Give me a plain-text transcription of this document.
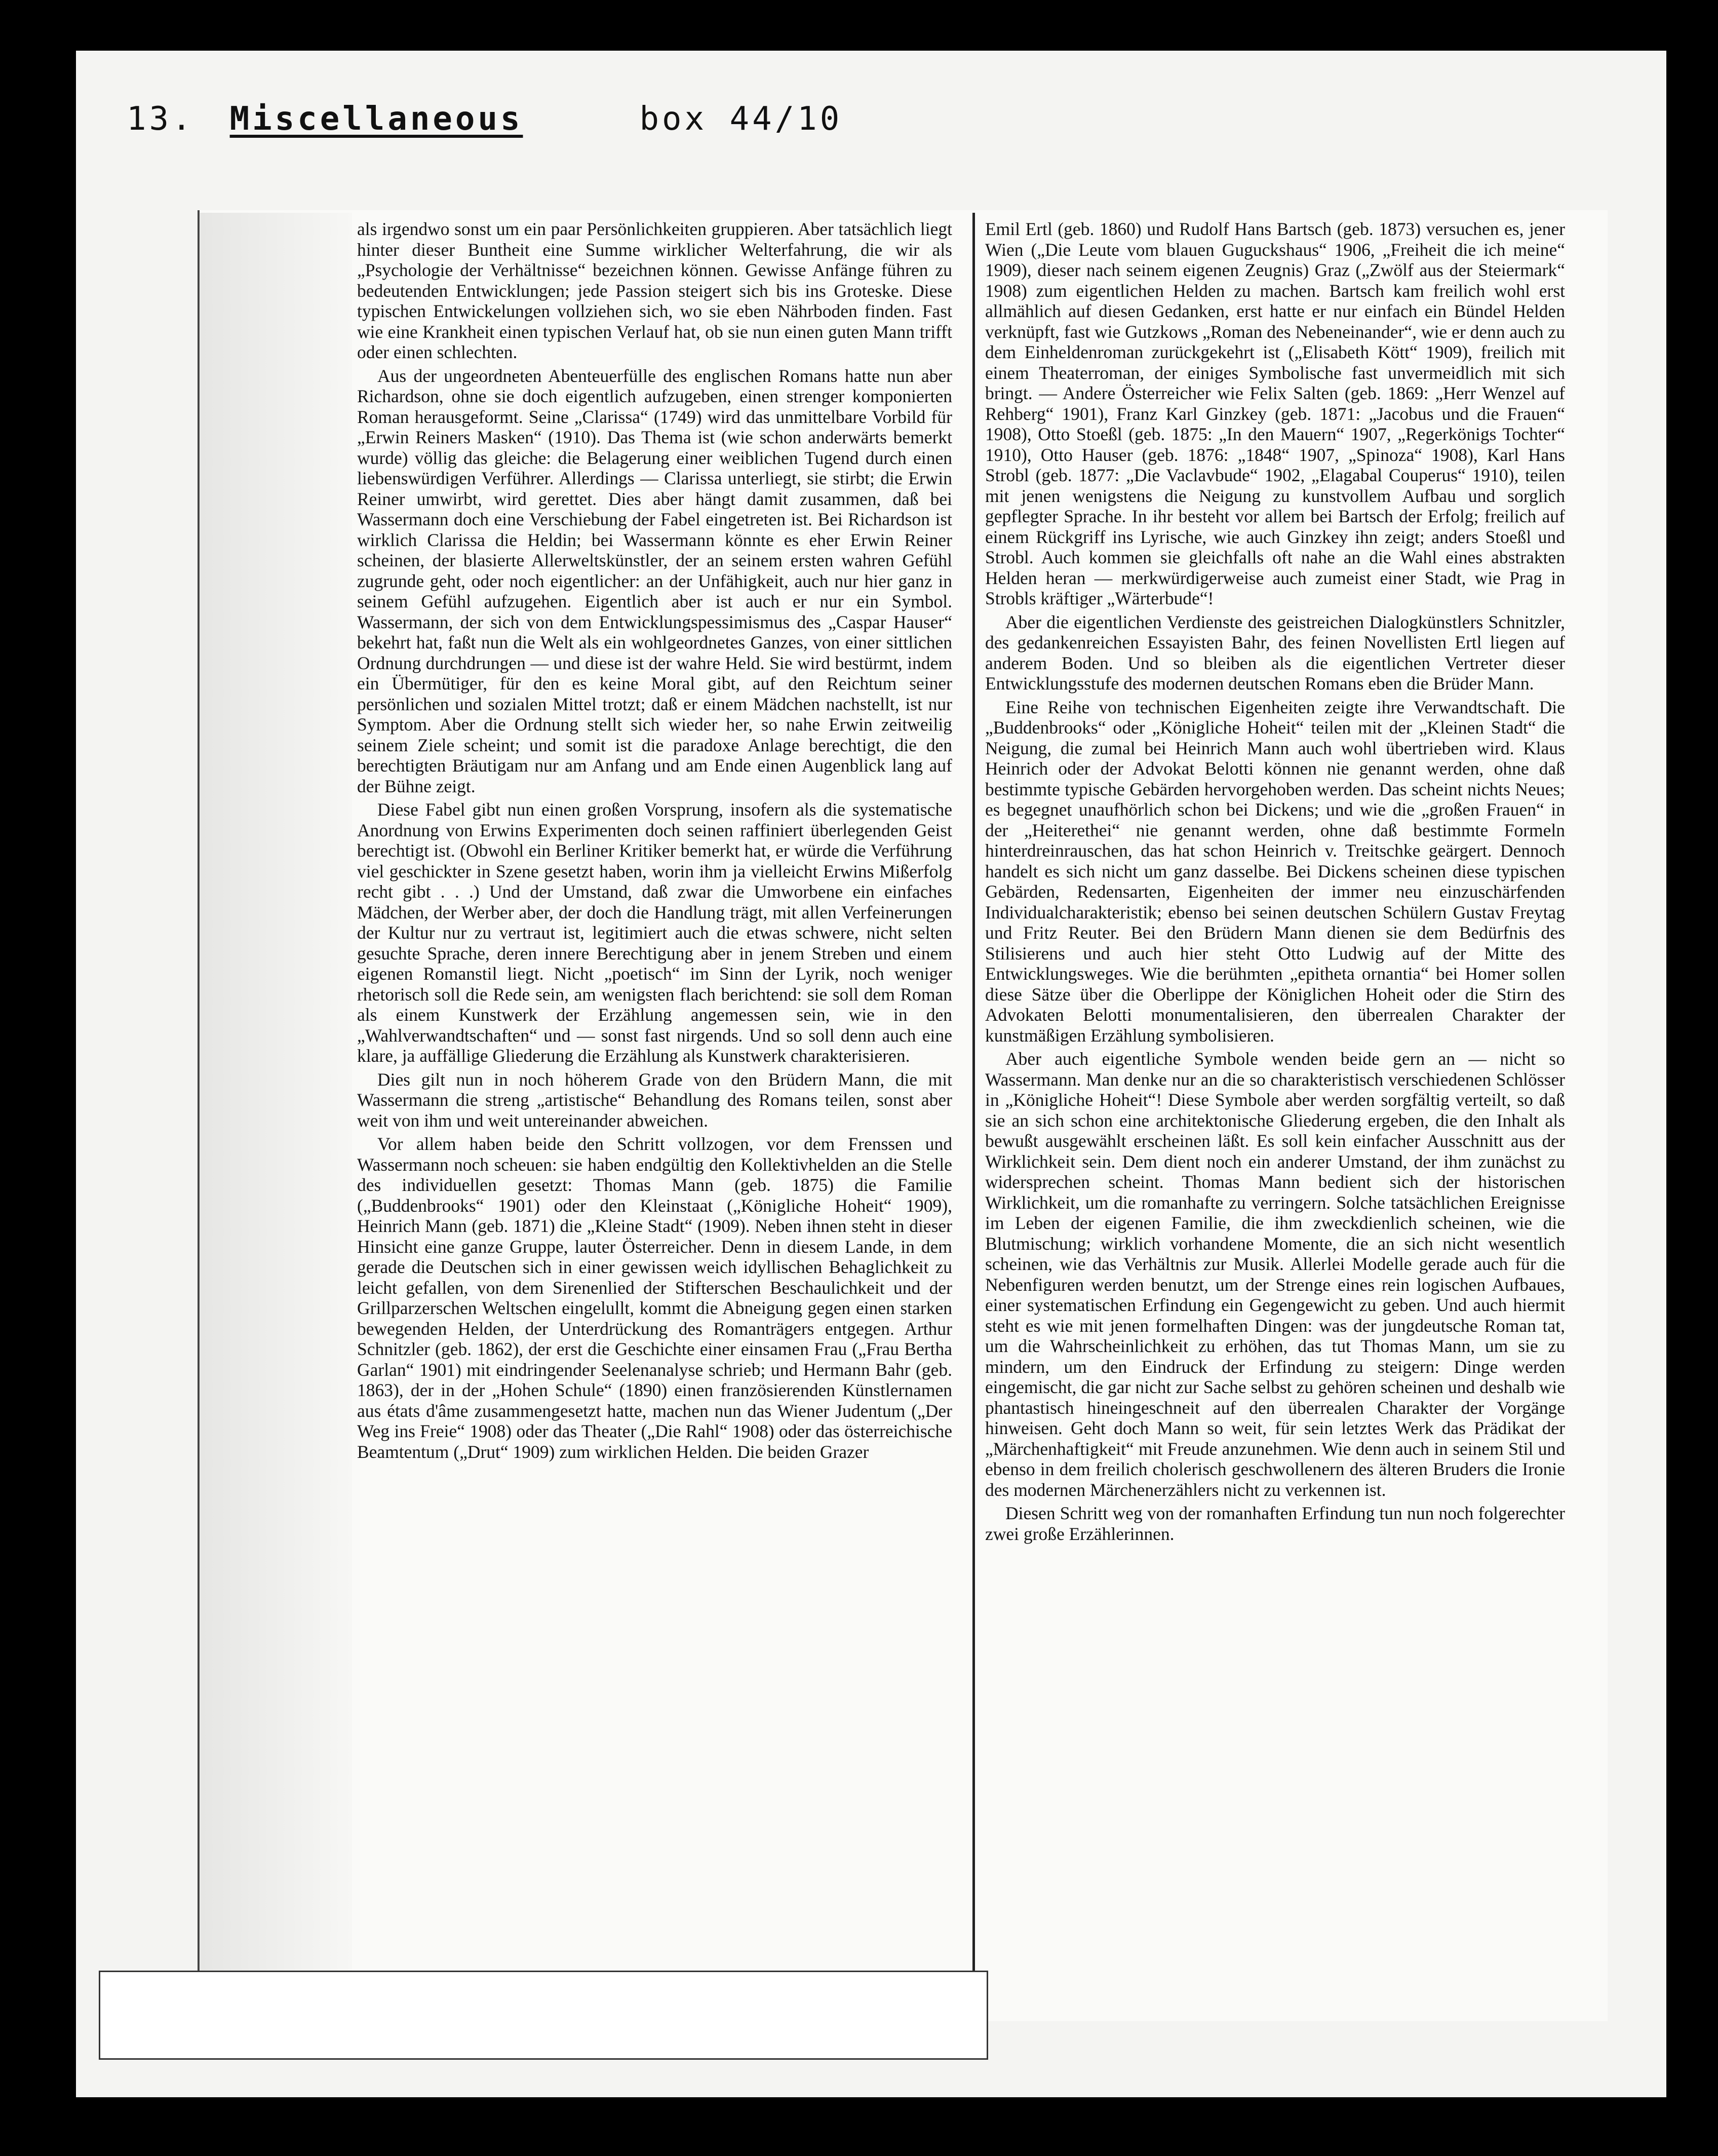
13. Miscellaneous	box 44/10

als irgendwo sonst um ein paar Persönlichkeiten gruppieren. Aber tatsächlich liegt hinter dieser Buntheit eine Summe wirklicher Welterfahrung, die wir als „Psychologie der Verhältnisse“ bezeichnen können. Gewisse Anfänge führen zu bedeutenden Entwicklungen; jede Passion steigert sich bis ins Groteske. Diese typischen Entwickelungen vollziehen sich, wo sie eben Nährboden finden. Fast wie eine Krankheit einen typischen Verlauf hat, ob sie nun einen guten Mann trifft oder einen schlechten.

Aus der ungeordneten Abenteuerfülle des englischen Romans hatte nun aber Richardson, ohne sie doch eigentlich aufzugeben, einen strenger komponierten Roman herausgeformt. Seine „Clarissa“ (1749) wird das unmittelbare Vorbild für „Erwin Reiners Masken“ (1910). Das Thema ist (wie schon anderwärts bemerkt wurde) völlig das gleiche: die Belagerung einer weiblichen Tugend durch einen liebenswürdigen Verführer. Allerdings — Clarissa unterliegt, sie stirbt; die Erwin Reiner umwirbt, wird gerettet. Dies aber hängt damit zusammen, daß bei Wassermann doch eine Verschiebung der Fabel eingetreten ist. Bei Richardson ist wirklich Clarissa die Heldin; bei Wassermann könnte es eher Erwin Reiner scheinen, der blasierte Allerweltskünstler, der an seinem ersten wahren Gefühl zugrunde geht, oder noch eigentlicher: an der Unfähigkeit, auch nur hier ganz in seinem Gefühl aufzugehen. Eigentlich aber ist auch er nur ein Symbol. Wassermann, der sich von dem Entwicklungspessimismus des „Caspar Hauser“ bekehrt hat, faßt nun die Welt als ein wohlgeordnetes Ganzes, von einer sittlichen Ordnung durchdrungen — und diese ist der wahre Held. Sie wird bestürmt, indem ein Übermütiger, für den es keine Moral gibt, auf den Reichtum seiner persönlichen und sozialen Mittel trotzt; daß er einem Mädchen nachstellt, ist nur Symptom. Aber die Ordnung stellt sich wieder her, so nahe Erwin zeitweilig seinem Ziele scheint; und somit ist die paradoxe Anlage berechtigt, die den berechtigten Bräutigam nur am Anfang und am Ende einen Augenblick lang auf der Bühne zeigt.

Diese Fabel gibt nun einen großen Vorsprung, insofern als die systematische Anordnung von Erwins Experimenten doch seinen raffiniert überlegenden Geist berechtigt ist. (Obwohl ein Berliner Kritiker bemerkt hat, er würde die Verführung viel geschickter in Szene gesetzt haben, worin ihm ja vielleicht Erwins Mißerfolg recht gibt . . .) Und der Umstand, daß zwar die Umworbene ein einfaches Mädchen, der Werber aber, der doch die Handlung trägt, mit allen Verfeinerungen der Kultur nur zu vertraut ist, legitimiert auch die etwas schwere, nicht selten gesuchte Sprache, deren innere Berechtigung aber in jenem Streben und einem eigenen Romanstil liegt. Nicht „poetisch“ im Sinn der Lyrik, noch weniger rhetorisch soll die Rede sein, am wenigsten flach berichtend: sie soll dem Roman als einem Kunstwerk der Erzählung angemessen sein, wie in den „Wahlverwandtschaften“ und — sonst fast nirgends. Und so soll denn auch eine klare, ja auffällige Gliederung die Erzählung als Kunstwerk charakterisieren.

Dies gilt nun in noch höherem Grade von den Brüdern Mann, die mit Wassermann die streng „artistische“ Behandlung des Romans teilen, sonst aber weit von ihm und weit untereinander abweichen.

Vor allem haben beide den Schritt vollzogen, vor dem Frenssen und Wassermann noch scheuen: sie haben endgültig den Kollektivhelden an die Stelle des individuellen gesetzt: Thomas Mann (geb. 1875) die Familie („Buddenbrooks“ 1901) oder den Kleinstaat („Königliche Hoheit“ 1909), Heinrich Mann (geb. 1871) die „Kleine Stadt“ (1909). Neben ihnen steht in dieser Hinsicht eine ganze Gruppe, lauter Österreicher. Denn in diesem Lande, in dem gerade die Deutschen sich in einer gewissen weich idyllischen Behaglichkeit zu leicht gefallen, von dem Sirenenlied der Stifterschen Beschaulichkeit und der Grillparzerschen Weltschen eingelullt, kommt die Abneigung gegen einen starken bewegenden Helden, der Unterdrückung des Romanträgers entgegen. Arthur Schnitzler (geb. 1862), der erst die Geschichte einer einsamen Frau („Frau Bertha Garlan“ 1901) mit eindringender Seelenanalyse schrieb; und Hermann Bahr (geb. 1863), der in der „Hohen Schule“ (1890) einen französierenden Künstlernamen aus états d'âme zusammengesetzt hatte, machen nun das Wiener Judentum („Der Weg ins Freie“ 1908) oder das Theater („Die Rahl“ 1908) oder das österreichische Beamtentum („Drut“ 1909) zum wirklichen Helden. Die beiden Grazer

Emil Ertl (geb. 1860) und Rudolf Hans Bartsch (geb. 1873) versuchen es, jener Wien („Die Leute vom blauen Guguckshaus“ 1906, „Freiheit die ich meine“ 1909), dieser nach seinem eigenen Zeugnis) Graz („Zwölf aus der Steiermark“ 1908) zum eigentlichen Helden zu machen. Bartsch kam freilich wohl erst allmählich auf diesen Gedanken, erst hatte er nur einfach ein Bündel Helden verknüpft, fast wie Gutzkows „Roman des Nebeneinander“, wie er denn auch zu dem Einheldenroman zurückgekehrt ist („Elisabeth Kött“ 1909), freilich mit einem Theaterroman, der einiges Symbolische fast unvermeidlich mit sich bringt. — Andere Österreicher wie Felix Salten (geb. 1869: „Herr Wenzel auf Rehberg“ 1901), Franz Karl Ginzkey (geb. 1871: „Jacobus und die Frauen“ 1908), Otto Stoeßl (geb. 1875: „In den Mauern“ 1907, „Regerkönigs Tochter“ 1910), Otto Hauser (geb. 1876: „1848“ 1907, „Spinoza“ 1908), Karl Hans Strobl (geb. 1877: „Die Vaclavbude“ 1902, „Elagabal Couperus“ 1910), teilen mit jenen wenigstens die Neigung zu kunstvollem Aufbau und sorglich gepflegter Sprache. In ihr besteht vor allem bei Bartsch der Erfolg; freilich auf einem Rückgriff ins Lyrische, wie auch Ginzkey ihn zeigt; anders Stoeßl und Strobl. Auch kommen sie gleichfalls oft nahe an die Wahl eines abstrakten Helden heran — merkwürdigerweise auch zumeist einer Stadt, wie Prag in Strobls kräftiger „Wärterbude“!

Aber die eigentlichen Verdienste des geistreichen Dialogkünstlers Schnitzler, des gedankenreichen Essayisten Bahr, des feinen Novellisten Ertl liegen auf anderem Boden. Und so bleiben als die eigentlichen Vertreter dieser Entwicklungsstufe des modernen deutschen Romans eben die Brüder Mann.

Eine Reihe von technischen Eigenheiten zeigte ihre Verwandtschaft. Die „Buddenbrooks“ oder „Königliche Hoheit“ teilen mit der „Kleinen Stadt“ die Neigung, die zumal bei Heinrich Mann auch wohl übertrieben wird. Klaus Heinrich oder der Advokat Belotti können nie genannt werden, ohne daß bestimmte typische Gebärden hervorgehoben werden. Das scheint nichts Neues; es begegnet unaufhörlich schon bei Dickens; und wie die „großen Frauen“ in der „Heiterethei“ nie genannt werden, ohne daß bestimmte Formeln hinterdreinrauschen, das hat schon Heinrich v. Treitschke geärgert. Dennoch handelt es sich nicht um ganz dasselbe. Bei Dickens scheinen diese typischen Gebärden, Redensarten, Eigenheiten der immer neu einzuschärfenden Individualcharakteristik; ebenso bei seinen deutschen Schülern Gustav Freytag und Fritz Reuter. Bei den Brüdern Mann dienen sie dem Bedürfnis des Stilisierens und auch hier steht Otto Ludwig auf der Mitte des Entwicklungsweges. Wie die berühmten „epitheta ornantia“ bei Homer sollen diese Sätze über die Oberlippe der Königlichen Hoheit oder die Stirn des Advokaten Belotti monumentalisieren, den überrealen Charakter der kunstmäßigen Erzählung symbolisieren.

Aber auch eigentliche Symbole wenden beide gern an — nicht so Wassermann. Man denke nur an die so charakteristisch verschiedenen Schlösser in „Königliche Hoheit“! Diese Symbole aber werden sorgfältig verteilt, so daß sie an sich schon eine architektonische Gliederung ergeben, die den Inhalt als bewußt ausgewählt erscheinen läßt. Es soll kein einfacher Ausschnitt aus der Wirklichkeit sein. Dem dient noch ein anderer Umstand, der ihm zunächst zu widersprechen scheint. Thomas Mann bedient sich der historischen Wirklichkeit, um die romanhafte zu verringern. Solche tatsächlichen Ereignisse im Leben der eigenen Familie, die ihm zweckdienlich scheinen, wie die Blutmischung; wirklich vorhandene Momente, die an sich nicht wesentlich scheinen, wie das Verhältnis zur Musik. Allerlei Modelle gerade auch für die Nebenfiguren werden benutzt, um der Strenge eines rein logischen Aufbaues, einer systematischen Erfindung ein Gegengewicht zu geben. Und auch hiermit steht es wie mit jenen formelhaften Dingen: was der jungdeutsche Roman tat, um die Wahrscheinlichkeit zu erhöhen, das tut Thomas Mann, um sie zu mindern, um den Eindruck der Erfindung zu steigern: Dinge werden eingemischt, die gar nicht zur Sache selbst zu gehören scheinen und deshalb wie phantastisch hineingeschneit auf den überrealen Charakter der Vorgänge hinweisen. Geht doch Mann so weit, für sein letztes Werk das Prädikat der „Märchenhaftigkeit“ mit Freude anzunehmen. Wie denn auch in seinem Stil und ebenso in dem freilich cholerisch geschwollenern des älteren Bruders die Ironie des modernen Märchenerzählers nicht zu verkennen ist.

Diesen Schritt weg von der romanhaften Erfindung tun nun noch folgerechter zwei große Erzählerinnen.
